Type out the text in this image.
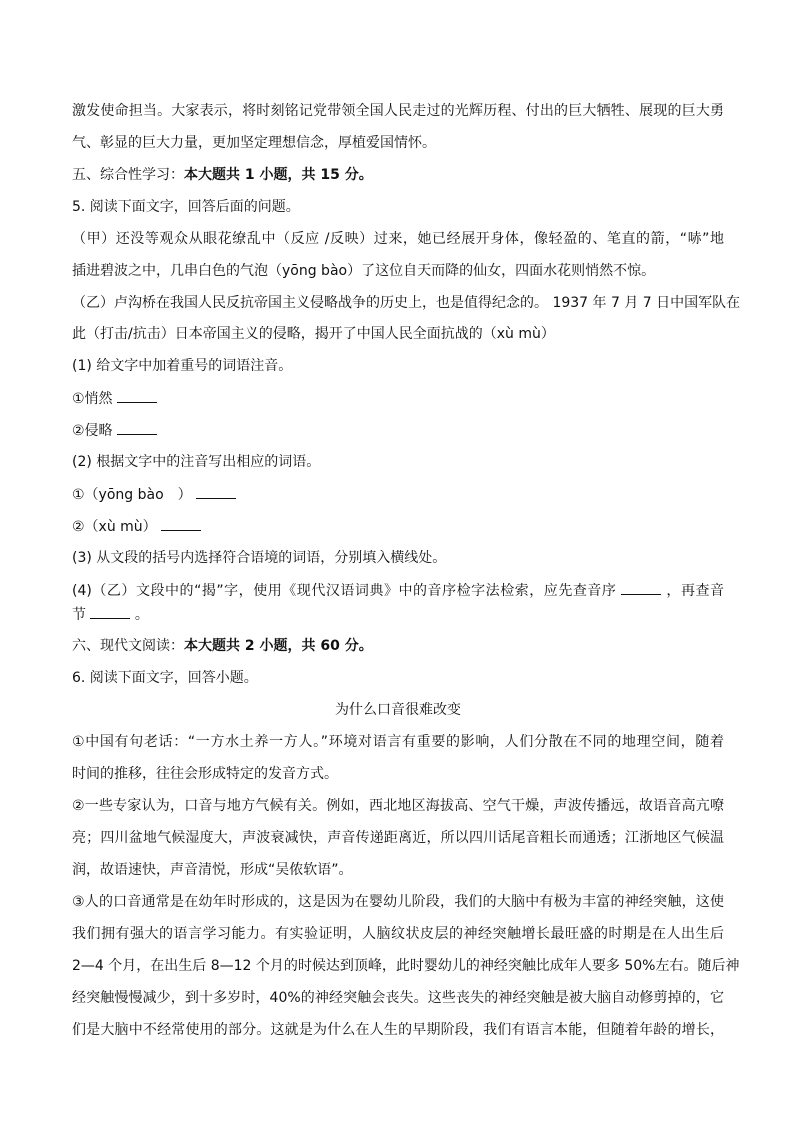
激发使命担当。大家表示，将时刻铭记党带领全国人民走过的光辉历程、付出的巨大牺牲、展现的巨大勇
气、彰显的巨大力量，更加坚定理想信念，厚植爱国情怀。
五、综合性学习：本大题共 1 小题，共 15 分。
5. 阅读下面文字，回答后面的问题。
（甲）还没等观众从眼花缭乱中（反应 /反映）过来，她已经展开身体，像轻盈的、笔直的箭，“哧”地
插进碧波之中，几串白色的气泡（yōng bào）了这位自天而降的仙女，四面水花则悄然不惊。
（乙）卢沟桥在我国人民反抗帝国主义侵略战争的历史上，也是值得纪念的。 1937 年 7 月 7 日中国军队在
此（打击/抗击）日本帝国主义的侵略，揭开了中国人民全面抗战的（xù mù）
(1) 给文字中加着重号的词语注音。
①悄然
②侵略
(2) 根据文字中的注音写出相应的词语。
①（yōng bào　）
②（xù mù）
(3) 从文段的括号内选择符合语境的词语，分别填入横线处。
(4)（乙）文段中的“揭”字，使用《现代汉语词典》中的音序检字法检索，应先查音序	，再查音
节	。
六、现代文阅读：本大题共 2 小题，共 60 分。
6. 阅读下面文字，回答小题。
为什么口音很难改变
①中国有句老话：“一方水土养一方人。”环境对语言有重要的影响，人们分散在不同的地理空间，随着
时间的推移，往往会形成特定的发音方式。
②一些专家认为，口音与地方气候有关。例如，西北地区海拔高、空气干燥，声波传播远，故语音高亢嘹
亮；四川盆地气候湿度大，声波衰减快，声音传递距离近，所以四川话尾音粗长而通透；江浙地区气候温
润，故语速快，声音清悦，形成“吴侬软语”。
③人的口音通常是在幼年时形成的，这是因为在婴幼儿阶段，我们的大脑中有极为丰富的神经突触，这使
我们拥有强大的语言学习能力。有实验证明，人脑纹状皮层的神经突触增长最旺盛的时期是在人出生后
2—4 个月，在出生后 8—12 个月的时候达到顶峰，此时婴幼儿的神经突触比成年人要多 50%左右。随后神
经突触慢慢减少，到十多岁时，40%的神经突触会丧失。这些丧失的神经突触是被大脑自动修剪掉的，它
们是大脑中不经常使用的部分。这就是为什么在人生的早期阶段，我们有语言本能，但随着年龄的增长，
